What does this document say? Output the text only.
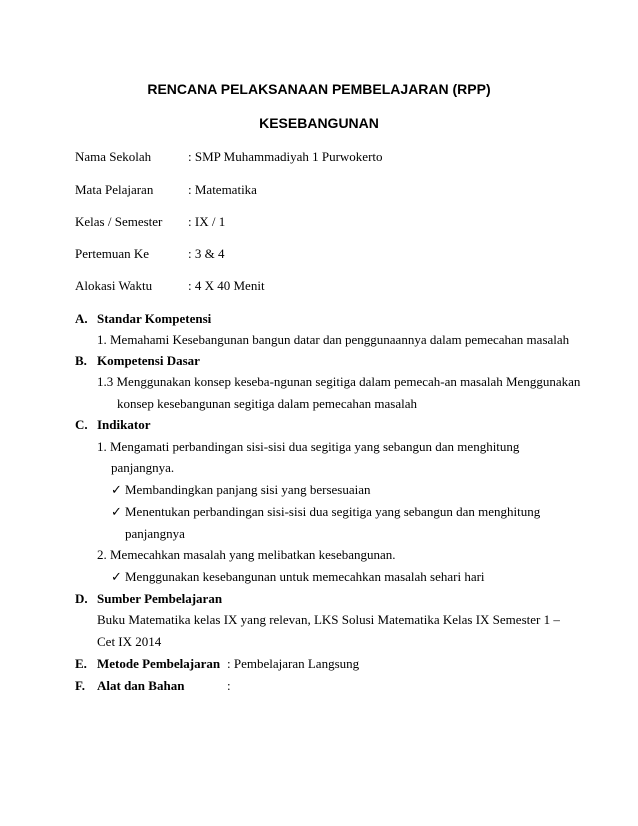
RENCANA PELAKSANAAN PEMBELAJARAN (RPP)
KESEBANGUNAN
Nama Sekolah	: SMP Muhammadiyah 1 Purwokerto
Mata Pelajaran	: Matematika
Kelas / Semester : IX / 1
Pertemuan Ke	: 3 & 4
Alokasi Waktu	: 4 X 40 Menit
A. Standar Kompetensi
1. Memahami Kesebangunan bangun datar dan penggunaannya dalam pemecahan masalah
B. Kompetensi Dasar
1.3 Menggunakan konsep keseba-ngunan segitiga dalam pemecah-an masalah Menggunakan
konsep kesebangunan segitiga dalam pemecahan masalah
C. Indikator
1. Mengamati perbandingan sisi-sisi dua segitiga yang sebangun dan menghitung
panjangnya.
✓ Membandingkan panjang sisi yang bersesuaian
✓ Menentukan perbandingan sisi-sisi dua segitiga yang sebangun dan menghitung
panjangnya
2. Memecahkan masalah yang melibatkan kesebangunan.
✓ Menggunakan kesebangunan untuk memecahkan masalah sehari hari
D. Sumber Pembelajaran
Buku Matematika kelas IX yang relevan, LKS Solusi Matematika Kelas IX Semester 1 –
Cet IX 2014
E. Metode Pembelajaran : Pembelajaran Langsung
F. Alat dan Bahan	:
